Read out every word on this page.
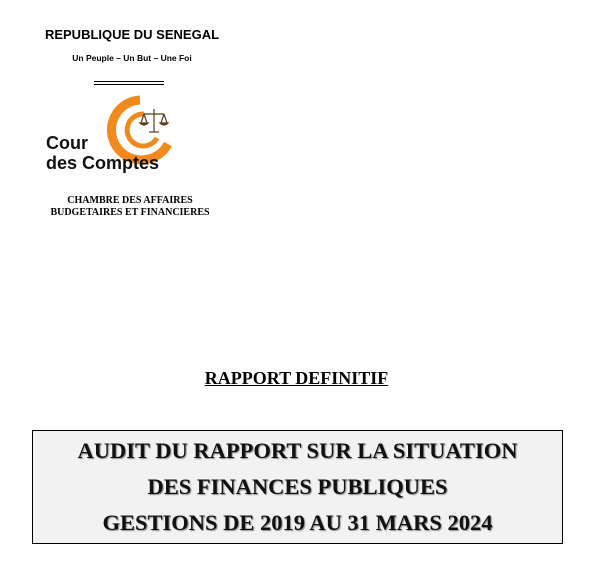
REPUBLIQUE DU SENEGAL
Un Peuple – Un But – Une Foi
Cour
des Comptes
CHAMBRE DES AFFAIRES
BUDGETAIRES ET FINANCIERES
RAPPORT DEFINITIF
AUDIT DU RAPPORT SUR LA SITUATION
DES FINANCES PUBLIQUES
GESTIONS DE 2019 AU 31 MARS 2024
